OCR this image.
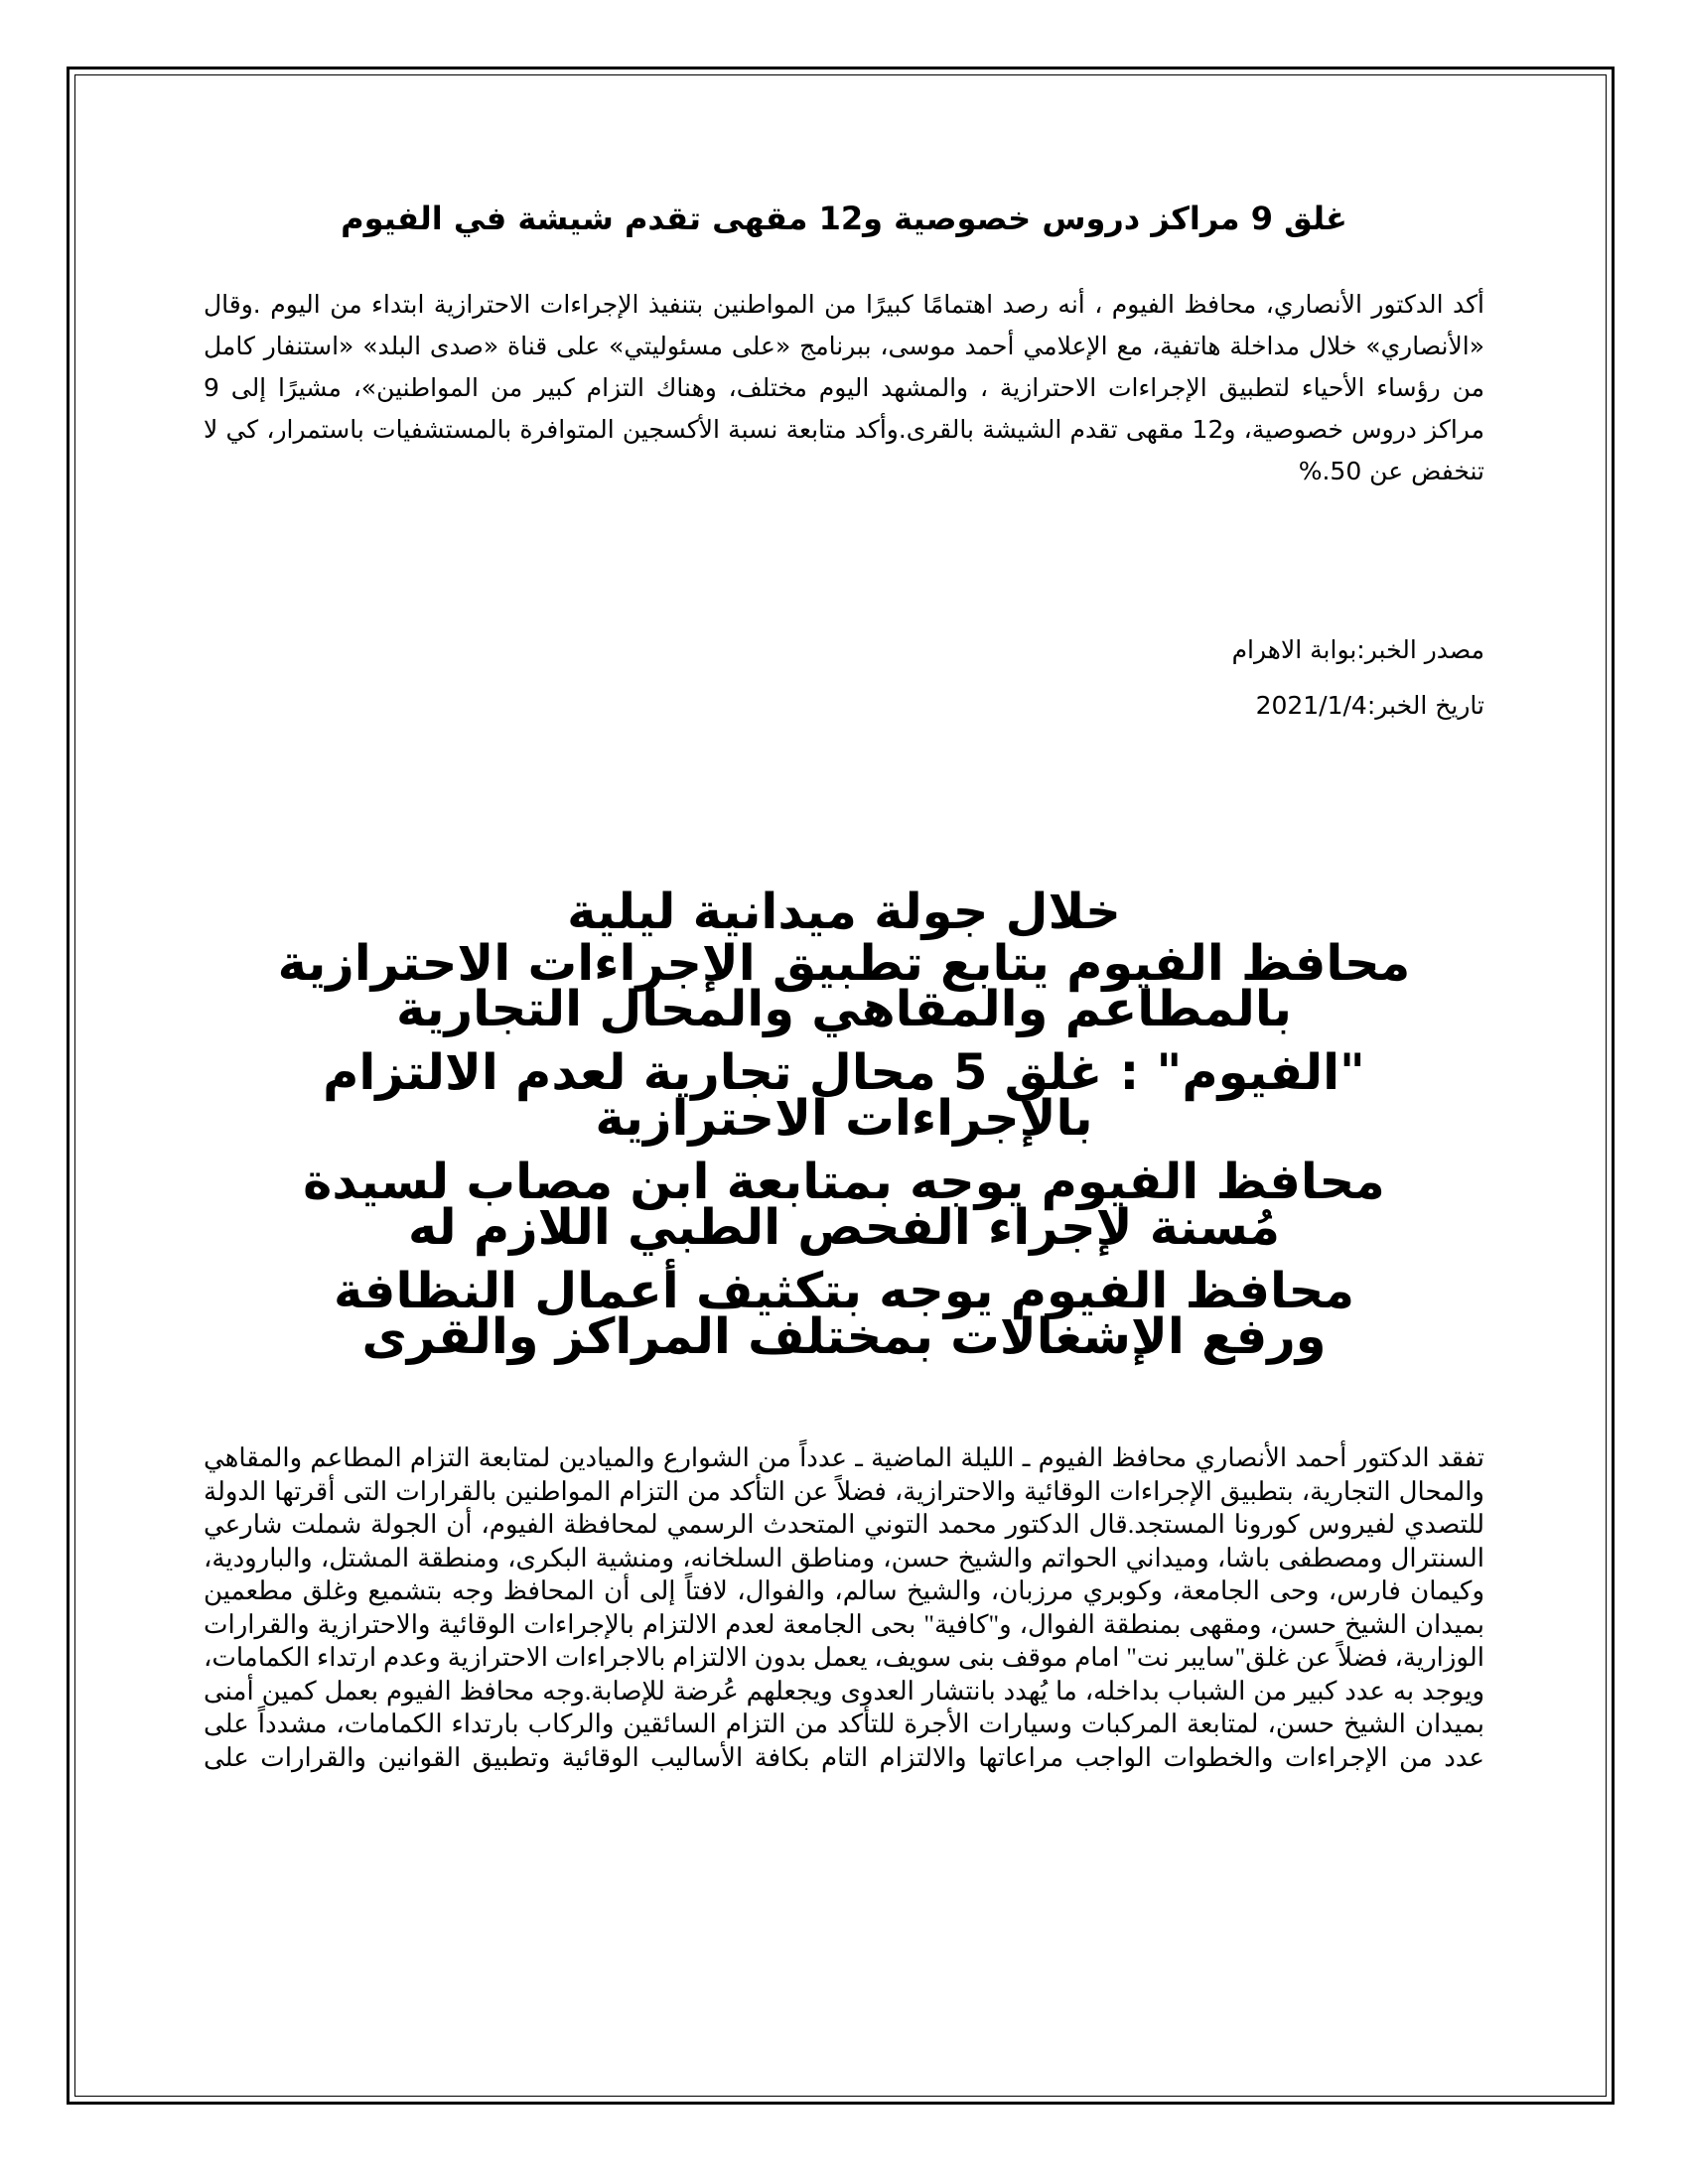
غلق 9 مراكز دروس خصوصية و12 مقهى تقدم شيشة في الفيوم

أكد الدكتور الأنصاري، محافظ الفيوم ، أنه رصد اهتمامًا كبيرًا من المواطنين بتنفيذ الإجراءات الاحترازية ابتداء من اليوم .وقال «الأنصاري» خلال مداخلة هاتفية، مع الإعلامي أحمد موسى، ببرنامج «على مسئوليتي» على قناة «صدى البلد» «استنفار كامل من رؤساء الأحياء لتطبيق الإجراءات الاحترازية ، والمشهد اليوم مختلف، وهناك التزام كبير من المواطنين»، مشيرًا إلى 9 مراكز دروس خصوصية، و12 مقهى تقدم الشيشة بالقرى.وأكد متابعة نسبة الأكسجين المتوافرة بالمستشفيات باستمرار، كي لا تنخفض عن 50.%

مصدر الخبر:بوابة الاهرام

تاريخ الخبر:2021/1/4

خلال جولة ميدانية ليلية
محافظ الفيوم يتابع تطبيق الإجراءات الاحترازية بالمطاعم والمقاهي والمحال التجارية
"الفيوم" : غلق 5 محال تجارية لعدم الالتزام بالإجراءات الاحترازية
محافظ الفيوم يوجه بمتابعة ابن مصاب لسيدة مُسنة لإجراء الفحص الطبي اللازم له
محافظ الفيوم يوجه بتكثيف أعمال النظافة ورفع الإشغالات بمختلف المراكز والقرى

تفقد الدكتور أحمد الأنصاري محافظ الفيوم ـ الليلة الماضية ـ عدداً من الشوارع والميادين لمتابعة التزام المطاعم والمقاهي والمحال التجارية، بتطبيق الإجراءات الوقائية والاحترازية، فضلاً عن التأكد من التزام المواطنين بالقرارات التى أقرتها الدولة للتصدي لفيروس كورونا المستجد.قال الدكتور محمد التوني المتحدث الرسمي لمحافظة الفيوم، أن الجولة شملت شارعي السنترال ومصطفى باشا، وميداني الحواتم والشيخ حسن، ومناطق السلخانه، ومنشية البكرى، ومنطقة المشتل، والبارودية، وكيمان فارس، وحى الجامعة، وكوبري مرزبان، والشيخ سالم، والفوال، لافتاً إلى أن المحافظ وجه بتشميع وغلق مطعمين بميدان الشيخ حسن، ومقهى بمنطقة الفوال، و"كافية" بحى الجامعة لعدم الالتزام بالإجراءات الوقائية والاحترازية والقرارات الوزارية، فضلاً عن غلق"سايبر نت" امام موقف بنى سويف، يعمل بدون الالتزام بالاجراءات الاحترازية وعدم ارتداء الكمامات، ويوجد به عدد كبير من الشباب بداخله، ما يُهدد بانتشار العدوى ويجعلهم عُرضة للإصابة.وجه محافظ الفيوم بعمل كمين أمنى بميدان الشيخ حسن، لمتابعة المركبات وسيارات الأجرة للتأكد من التزام السائقين والركاب بارتداء الكمامات، مشدداً على عدد من الإجراءات والخطوات الواجب مراعاتها والالتزام التام بكافة الأساليب الوقائية وتطبيق القوانين والقرارات على
